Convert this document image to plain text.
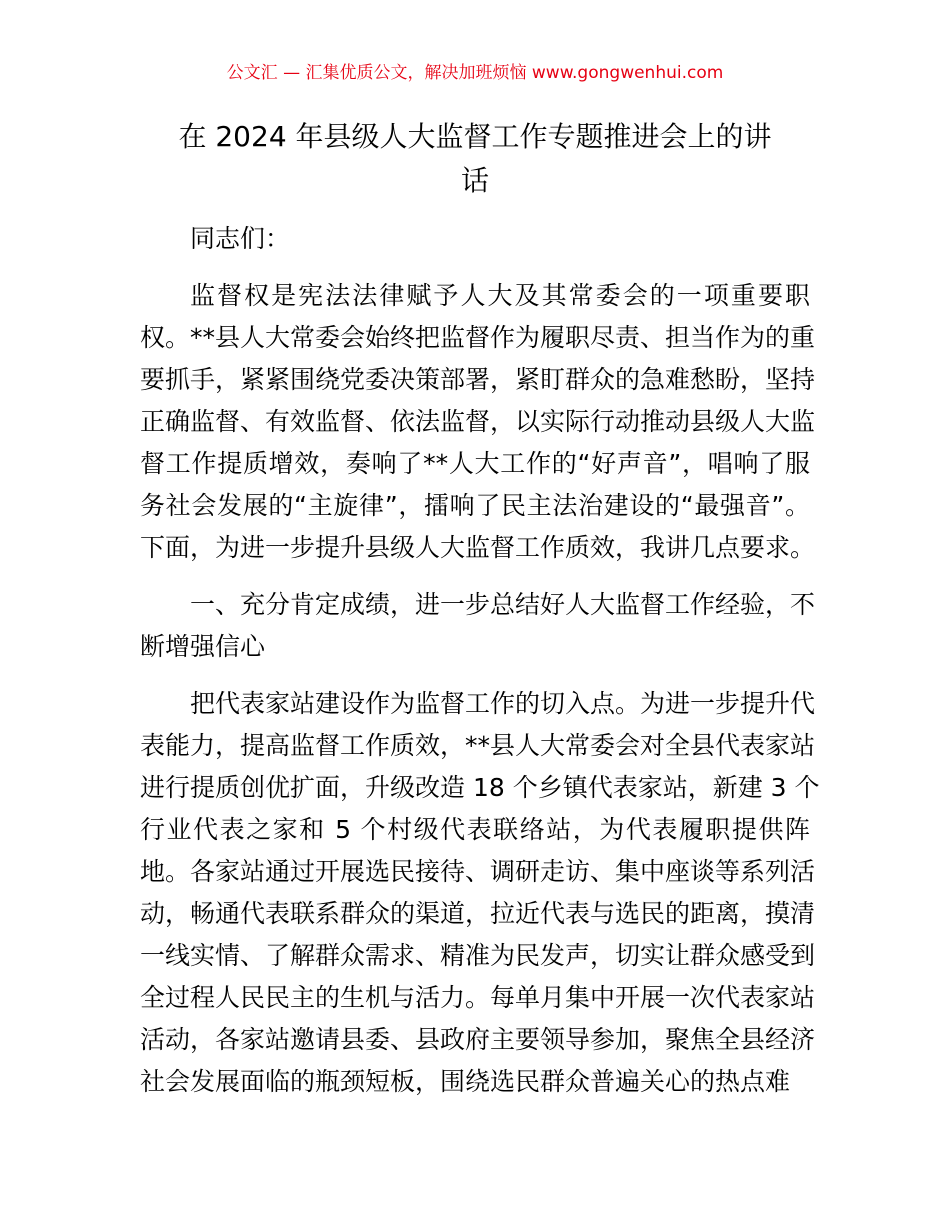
公文汇 — 汇集优质公文，解决加班烦恼 www.gongwenhui.com
在 2024 年县级人大监督工作专题推进会上的讲
话
同志们：
监督权是宪法法律赋予人大及其常委会的一项重要职
权。**县人大常委会始终把监督作为履职尽责、担当作为的重
要抓手，紧紧围绕党委决策部署，紧盯群众的急难愁盼，坚持
正确监督、有效监督、依法监督，以实际行动推动县级人大监
督工作提质增效，奏响了**人大工作的“好声音”，唱响了服
务社会发展的“主旋律”，擂响了民主法治建设的“最强音”。
下面，为进一步提升县级人大监督工作质效，我讲几点要求。
一、充分肯定成绩，进一步总结好人大监督工作经验，不
断增强信心
把代表家站建设作为监督工作的切入点。为进一步提升代
表能力，提高监督工作质效，**县人大常委会对全县代表家站
进行提质创优扩面，升级改造 18 个乡镇代表家站，新建 3 个
行业代表之家和 5 个村级代表联络站，为代表履职提供阵
地。各家站通过开展选民接待、调研走访、集中座谈等系列活
动，畅通代表联系群众的渠道，拉近代表与选民的距离，摸清
一线实情、了解群众需求、精准为民发声，切实让群众感受到
全过程人民民主的生机与活力。每单月集中开展一次代表家站
活动，各家站邀请县委、县政府主要领导参加，聚焦全县经济
社会发展面临的瓶颈短板，围绕选民群众普遍关心的热点难
